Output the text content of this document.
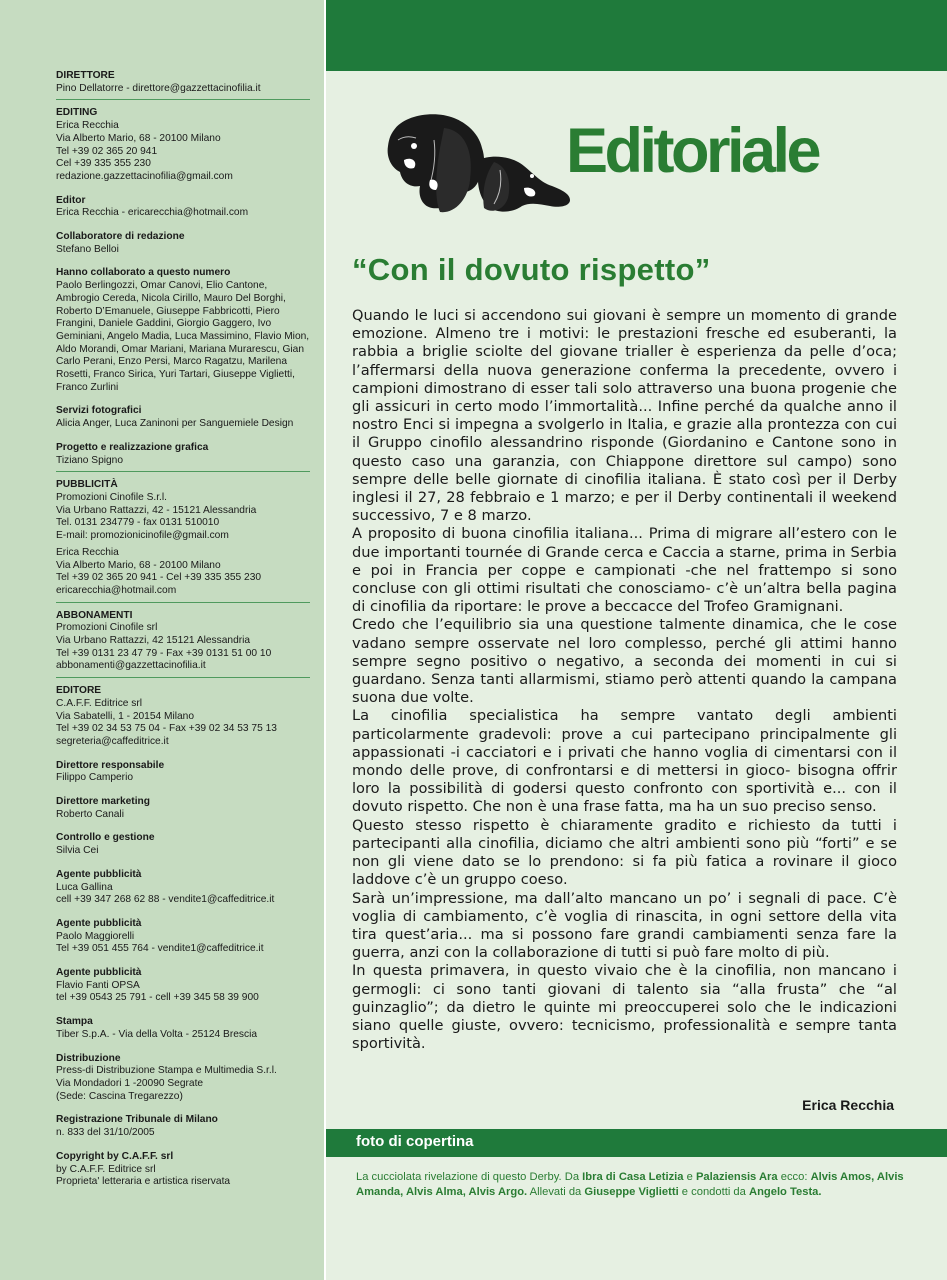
DIRETTORE
Pino Dellatorre - direttore@gazzettacinofilia.it
EDITING
Erica Recchia
Via Alberto Mario, 68 - 20100 Milano
Tel +39 02 365 20 941
Cel +39 335 355 230
redazione.gazzettacinofilia@gmail.com
Editor
Erica Recchia - ericarecchia@hotmail.com
Collaboratore di redazione
Stefano Belloi
Hanno collaborato a questo numero
Paolo Berlingozzi, Omar Canovi, Elio Cantone, Ambrogio Cereda, Nicola Cirillo, Mauro Del Borghi, Roberto D’Emanuele, Giuseppe Fabbricotti, Piero Frangini, Daniele Gaddini, Giorgio Gaggero, Ivo Geminiani, Angelo Madia, Luca Massimino, Flavio Mion, Aldo Morandi, Omar Mariani, Mariana Murarescu, Gian Carlo Perani, Enzo Persi, Marco Ragatzu, Marilena Rosetti, Franco Sirica, Yuri Tartari, Giuseppe Viglietti, Franco Zurlini
Servizi fotografici
Alicia Anger, Luca Zaninoni per Sanguemiele Design
Progetto e realizzazione grafica
Tiziano Spigno
PUBBLICITÀ
Promozioni Cinofile S.r.l.
Via Urbano Rattazzi, 42 - 15121 Alessandria
Tel. 0131 234779 - fax 0131 510010
E-mail: promozionicinofile@gmail.com
Erica Recchia
Via Alberto Mario, 68 - 20100 Milano
Tel +39 02 365 20 941 - Cel +39 335 355 230
ericarecchia@hotmail.com
ABBONAMENTI
Promozioni Cinofile srl
Via Urbano Rattazzi, 42 15121 Alessandria
Tel +39 0131 23 47 79 - Fax +39 0131 51 00 10
abbonamenti@gazzettacinofilia.it
EDITORE
C.A.F.F. Editrice srl
Via Sabatelli, 1 - 20154 Milano
Tel +39 02 34 53 75 04 - Fax +39 02 34 53 75 13
segreteria@caffeditrice.it
Direttore responsabile
Filippo Camperio
Direttore marketing
Roberto Canali
Controllo e gestione
Silvia Cei
Agente pubblicità
Luca Gallina
cell +39 347 268 62 88 - vendite1@caffeditrice.it
Agente pubblicità
Paolo Maggiorelli
Tel +39 051 455 764 - vendite1@caffeditrice.it
Agente pubblicità
Flavio Fanti OPSA
tel +39 0543 25 791 - cell +39 345 58 39 900
Stampa
Tiber S.p.A. - Via della Volta - 25124 Brescia
Distribuzione
Press-di Distribuzione Stampa e Multimedia S.r.l.
Via Mondadori 1 -20090 Segrate
(Sede: Cascina Tregarezzo)
Registrazione Tribunale di Milano
n. 833 del 31/10/2005
Copyright by C.A.F.F. srl
by C.A.F.F. Editrice srl
Proprieta' letteraria e artistica riservata
Editoriale
“Con il dovuto rispetto”

Quando le luci si accendono sui giovani è sempre un momento di grande emozione. Almeno tre i motivi: le prestazioni fresche ed esuberanti, la rabbia a briglie sciolte del giovane trialler è esperienza da pelle d’oca; l’affermarsi della nuova generazione conferma la precedente, ovvero i campioni dimostrano di esser tali solo attraverso una buona progenie che gli assicuri in certo modo l’immortalità... Infine perché da qualche anno il nostro Enci si impegna a svolgerlo in Italia, e grazie alla prontezza con cui il Gruppo cinofilo alessandrino risponde (Giordanino e Cantone sono in questo caso una garanzia, con Chiappone direttore sul campo) sono sempre delle belle giornate di cinofilia italiana. È stato così per il Derby inglesi il 27, 28 febbraio e 1 marzo; e per il Derby continentali il weekend successivo, 7 e 8 marzo.

A proposito di buona cinofilia italiana... Prima di migrare all’estero con le due importanti tournée di Grande cerca e Caccia a starne, prima in Serbia e poi in Francia per coppe e campionati -che nel frattempo si sono concluse con gli ottimi risultati che conosciamo- c’è un’altra bella pagina di cinofilia da riportare: le prove a beccacce del Trofeo Gramignani.

Credo che l’equilibrio sia una questione talmente dinamica, che le cose vadano sempre osservate nel loro complesso, perché gli attimi hanno sempre segno positivo o negativo, a seconda dei momenti in cui si guardano. Senza tanti allarmismi, stiamo però attenti quando la campana suona due volte.

La cinofilia specialistica ha sempre vantato degli ambienti particolarmente gradevoli: prove a cui partecipano principalmente gli appassionati -i cacciatori e i privati che hanno voglia di cimentarsi con il mondo delle prove, di confrontarsi e di mettersi in gioco- bisogna offrir loro la possibilità di godersi questo confronto con sportività e... con il dovuto rispetto. Che non è una frase fatta, ma ha un suo preciso senso.

Questo stesso rispetto è chiaramente gradito e richiesto da tutti i partecipanti alla cinofilia, diciamo che altri ambienti sono più “forti” e se non gli viene dato se lo prendono: si fa più fatica a rovinare il gioco laddove c’è un gruppo coeso.

Sarà un’impressione, ma dall’alto mancano un po’ i segnali di pace. C’è voglia di cambiamento, c’è voglia di rinascita, in ogni settore della vita tira quest’aria... ma si possono fare grandi cambiamenti senza fare la guerra, anzi con la collaborazione di tutti si può fare molto di più.

In questa primavera, in questo vivaio che è la cinofilia, non mancano i germogli: ci sono tanti giovani di talento sia “alla frusta” che “al guinzaglio”; da dietro le quinte mi preoccuperei solo che le indicazioni siano quelle giuste, ovvero: tecnicismo, professionalità e sempre tanta sportività.

Erica Recchia
foto di copertina
La cucciolata rivelazione di questo Derby. Da Ibra di Casa Letizia e Palaziensis Ara ecco: Alvis Amos, Alvis Amanda, Alvis Alma, Alvis Argo. Allevati da Giuseppe Viglietti e condotti da Angelo Testa.
